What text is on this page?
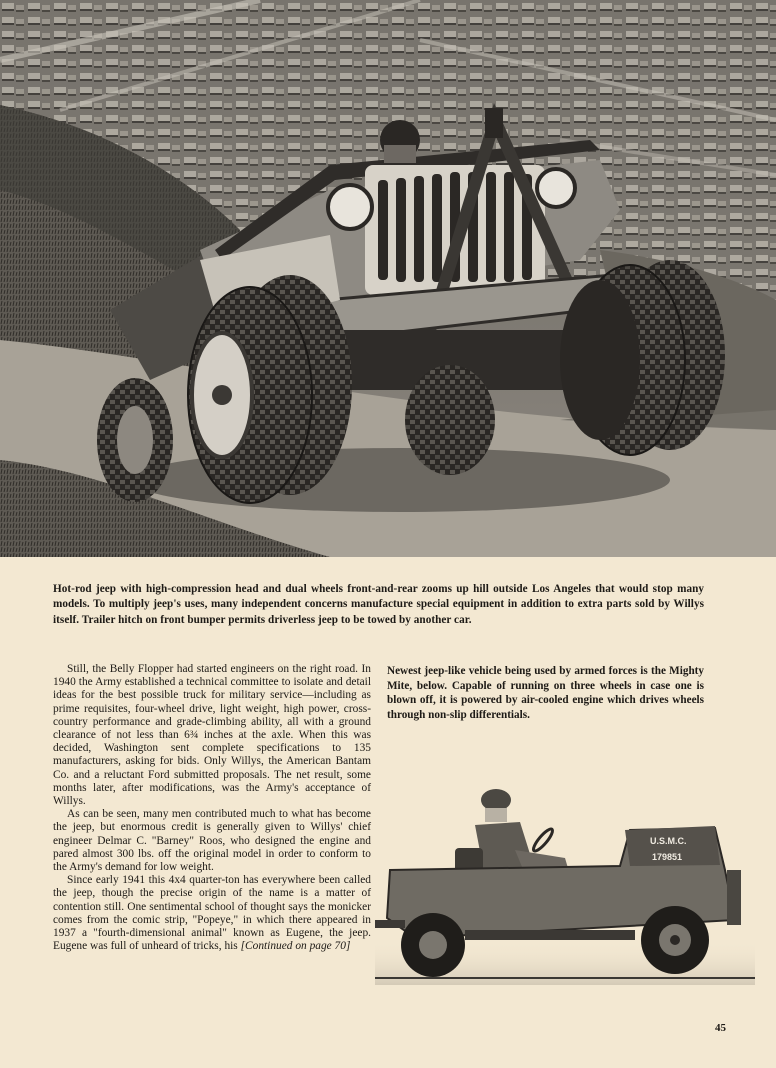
Hot-rod jeep with high-compression head and dual wheels front-and-rear zooms up hill outside Los Angeles that would stop many models. To multiply jeep's uses, many independent concerns manufacture special equipment in addition to extra parts sold by Willys itself. Trailer hitch on front bumper permits driverless jeep to be towed by another car.

Still, the Belly Flopper had started engineers on the right road. In 1940 the Army established a technical committee to isolate and detail ideas for the best possible truck for military service—including as prime requisites, four-wheel drive, light weight, high power, cross-country performance and grade-climbing ability, all with a ground clearance of not less than 6¾ inches at the axle. When this was decided, Washington sent complete specifications to 135 manufacturers, asking for bids. Only Willys, the American Bantam Co. and a reluctant Ford submitted proposals. The net result, some months later, after modifications, was the Army's acceptance of Willys.

As can be seen, many men contributed much to what has become the jeep, but enormous credit is generally given to Willys' chief engineer Delmar C. "Barney" Roos, who designed the engine and pared almost 300 lbs. off the original model in order to conform to the Army's demand for low weight.

Since early 1941 this 4x4 quarter-ton has everywhere been called the jeep, though the precise origin of the name is a matter of contention still. One sentimental school of thought says the monicker comes from the comic strip, "Popeye," in which there appeared in 1937 a "fourth-dimensional animal" known as Eugene, the jeep. Eugene was full of unheard of tricks, his [Continued on page 70]

Newest jeep-like vehicle being used by armed forces is the Mighty Mite, below. Capable of running on three wheels in case one is blown off, it is powered by air-cooled engine which drives wheels through non-slip differentials.
U.S.M.C.
179851
45
